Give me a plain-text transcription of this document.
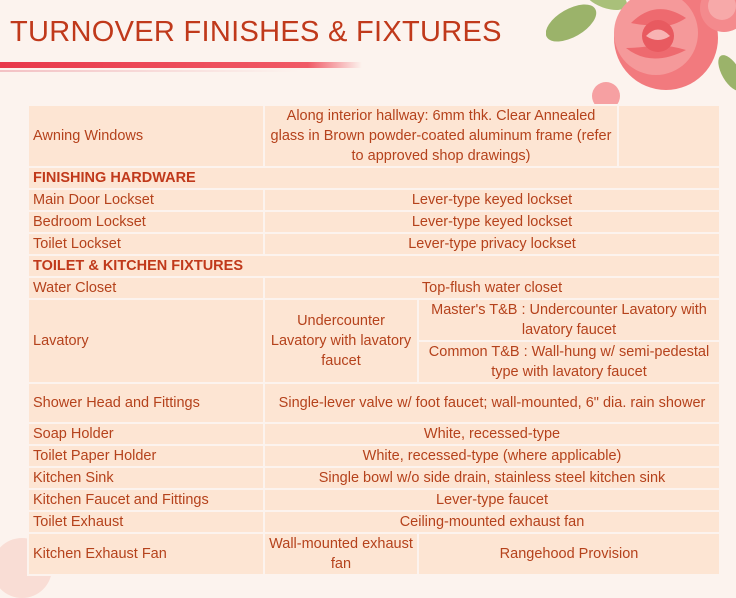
TURNOVER FINISHES & FIXTURES
Awning Windows	Along interior hallway: 6mm thk. Clear Annealed glass in Brown powder-coated aluminum frame (refer to approved shop drawings)		
FINISHING HARDWARE			
Main Door Lockset	Lever-type keyed lockset		
Bedroom Lockset	Lever-type keyed lockset		
Toilet Lockset	Lever-type privacy lockset		
TOILET & KITCHEN FIXTURES			
Water Closet	Top-flush water closet		
Lavatory	Undercounter Lavatory with lavatory faucet	Master's T&B : Undercounter Lavatory with lavatory faucet	
		Common T&B : Wall-hung w/ semi-pedestal type with lavatory faucet	
Shower Head and Fittings	Single-lever valve w/ foot faucet; wall-mounted, 6" dia. rain shower		
Soap Holder	White, recessed-type		
Toilet Paper Holder	White, recessed-type (where applicable)		
Kitchen Sink	Single bowl w/o side drain, stainless steel kitchen sink		
Kitchen Faucet and Fittings	Lever-type faucet		
Toilet Exhaust	Ceiling-mounted exhaust fan		
Kitchen Exhaust Fan	Wall-mounted exhaust fan	Rangehood Provision	
